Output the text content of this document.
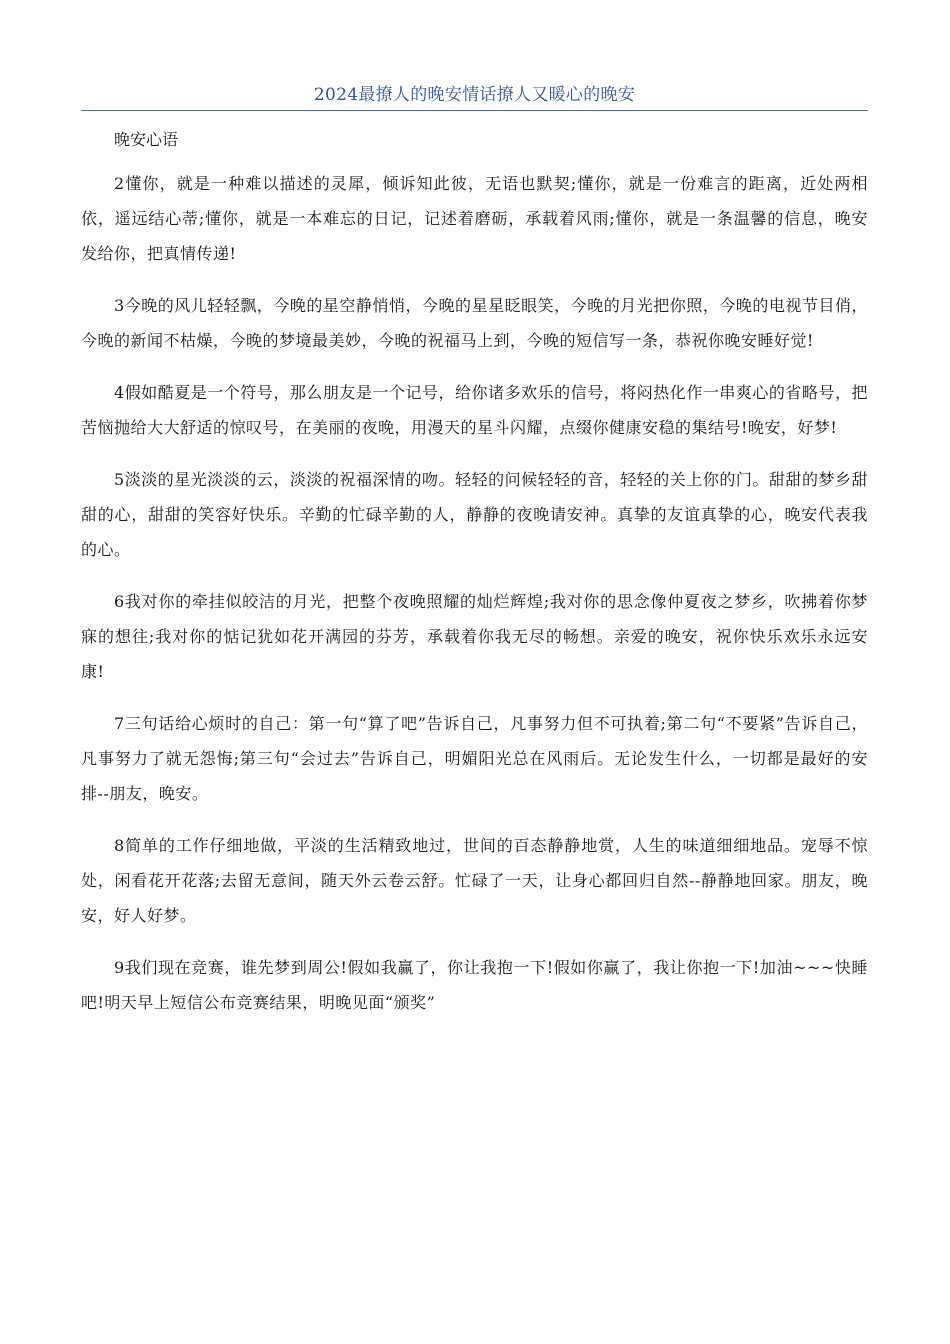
2024最撩人的晚安情话撩人又暖心的晚安
晚安心语

2懂你，就是一种难以描述的灵犀，倾诉知此彼，无语也默契;懂你，就是一份难言的距离，近处两相依，遥远结心蒂;懂你，就是一本难忘的日记，记述着磨砺，承载着风雨;懂你，就是一条温馨的信息，晚安发给你，把真情传递!

3今晚的风儿轻轻飘，今晚的星空静悄悄，今晚的星星眨眼笑，今晚的月光把你照，今晚的电视节目俏，今晚的新闻不枯燥，今晚的梦境最美妙，今晚的祝福马上到，今晚的短信写一条，恭祝你晚安睡好觉!

4假如酷夏是一个符号，那么朋友是一个记号，给你诸多欢乐的信号，将闷热化作一串爽心的省略号，把苦恼抛给大大舒适的惊叹号，在美丽的夜晚，用漫天的星斗闪耀，点缀你健康安稳的集结号!晚安，好梦!

5淡淡的星光淡淡的云，淡淡的祝福深情的吻。轻轻的问候轻轻的音，轻轻的关上你的门。甜甜的梦乡甜甜的心，甜甜的笑容好快乐。辛勤的忙碌辛勤的人，静静的夜晚请安神。真挚的友谊真挚的心，晚安代表我的心。

6我对你的牵挂似皎洁的月光，把整个夜晚照耀的灿烂辉煌;我对你的思念像仲夏夜之梦乡，吹拂着你梦寐的想往;我对你的惦记犹如花开满园的芬芳，承载着你我无尽的畅想。亲爱的晚安，祝你快乐欢乐永远安康!

7三句话给心烦时的自己：第一句“算了吧”告诉自己，凡事努力但不可执着;第二句“不要紧”告诉自己，凡事努力了就无怨悔;第三句“会过去”告诉自己，明媚阳光总在风雨后。无论发生什么，一切都是最好的安排--朋友，晚安。

8简单的工作仔细地做，平淡的生活精致地过，世间的百态静静地赏，人生的味道细细地品。宠辱不惊处，闲看花开花落;去留无意间，随天外云卷云舒。忙碌了一天，让身心都回归自然--静静地回家。朋友，晚安，好人好梦。

9我们现在竞赛，谁先梦到周公!假如我赢了，你让我抱一下!假如你赢了，我让你抱一下!加油~~~快睡吧!明天早上短信公布竞赛结果，明晚见面“颁奖”
